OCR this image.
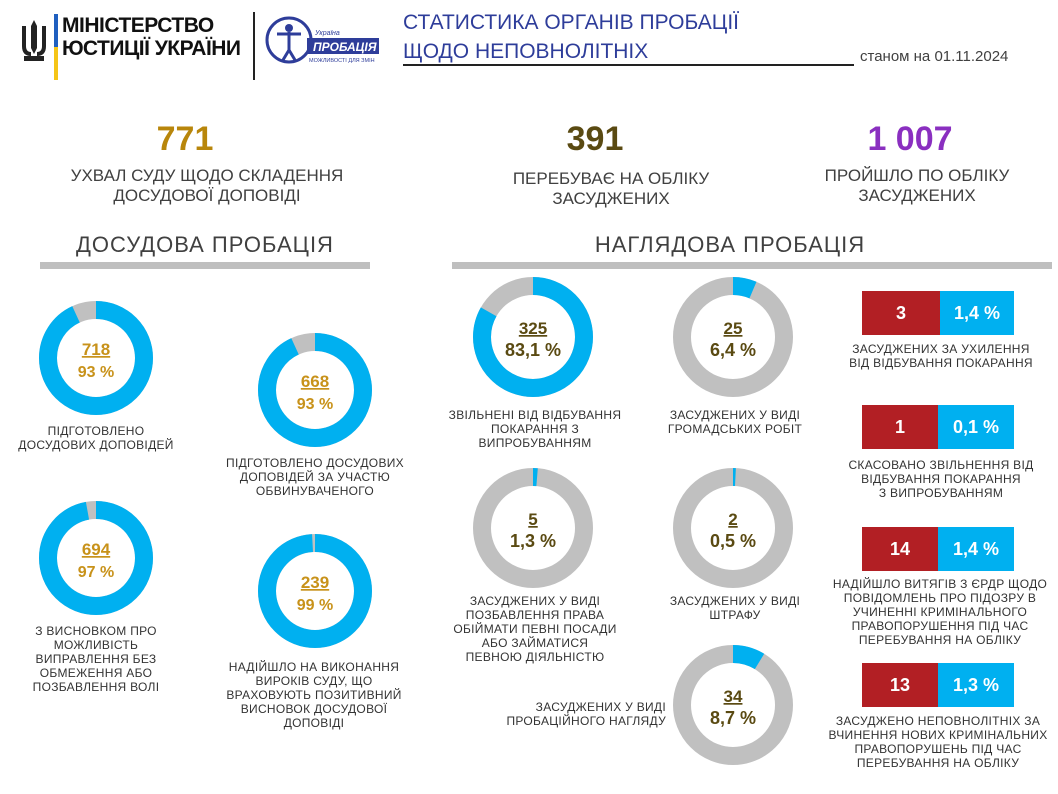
МІНІСТЕРСТВО
ЮСТИЦІЇ УКРАЇНИ
Україна
ПРОБАЦІЯ
МОЖЛИВОСТІ ДЛЯ ЗМІН
СТАТИСТИКА ОРГАНІВ ПРОБАЦІЇ
ЩОДО НЕПОВНОЛІТНІХ	станом на 01.11.2024
771
УХВАЛ СУДУ ЩОДО СКЛАДЕННЯ
ДОСУДОВОЇ ДОПОВІДІ
391
ПЕРЕБУВАЄ НА ОБЛІКУ
ЗАСУДЖЕНИХ
1 007
ПРОЙШЛО ПО ОБЛІКУ
ЗАСУДЖЕНИХ
ДОСУДОВА ПРОБАЦІЯ	НАГЛЯДОВА ПРОБАЦІЯ
718
93 %	668
93 %
694
97 %
239
99 %
325
83,1 %
25
6,4 %
5
1,3 %
2
0,5 %
34
8,7 %
ПІДГОТОВЛЕНО
ДОСУДОВИХ ДОПОВІДЕЙ
ПІДГОТОВЛЕНО ДОСУДОВИХ
ДОПОВІДЕЙ ЗА УЧАСТЮ
ОБВИНУВАЧЕНОГО
З ВИСНОВКОМ ПРО
МОЖЛИВІСТЬ
ВИПРАВЛЕННЯ БЕЗ
ОБМЕЖЕННЯ АБО
ПОЗБАВЛЕННЯ ВОЛІ
НАДІЙШЛО НА ВИКОНАННЯ
ВИРОКІВ СУДУ, ЩО
ВРАХОВУЮТЬ ПОЗИТИВНИЙ
ВИСНОВОК ДОСУДОВОЇ
ДОПОВІДІ
ЗВІЛЬНЕНІ ВІД ВІДБУВАННЯ
ПОКАРАННЯ З
ВИПРОБУВАННЯМ
ЗАСУДЖЕНИХ У ВИДІ
ГРОМАДСЬКИХ РОБІТ
ЗАСУДЖЕНИХ У ВИДІ
ПОЗБАВЛЕННЯ ПРАВА
ОБІЙМАТИ ПЕВНІ ПОСАДИ
АБО ЗАЙМАТИСЯ
ПЕВНОЮ ДІЯЛЬНІСТЮ
ЗАСУДЖЕНИХ У ВИДІ
ШТРАФУ
ЗАСУДЖЕНИХ У ВИДІ
ПРОБАЦІЙНОГО НАГЛЯДУ
3	1,4 %
ЗАСУДЖЕНИХ ЗА УХИЛЕННЯ
ВІД ВІДБУВАННЯ ПОКАРАННЯ
1	0,1 %
СКАСОВАНО ЗВІЛЬНЕННЯ ВІД
ВІДБУВАННЯ ПОКАРАННЯ
З ВИПРОБУВАННЯМ
14	1,4 %
НАДІЙШЛО ВИТЯГІВ З ЄРДР ЩОДО
ПОВІДОМЛЕНЬ ПРО ПІДОЗРУ В
УЧИНЕННІ КРИМІНАЛЬНОГО
ПРАВОПОРУШЕННЯ ПІД ЧАС
ПЕРЕБУВАННЯ НА ОБЛІКУ
13	1,3 %
ЗАСУДЖЕНО НЕПОВНОЛІТНІХ ЗА
ВЧИНЕННЯ НОВИХ КРИМІНАЛЬНИХ
ПРАВОПОРУШЕНЬ ПІД ЧАС
ПЕРЕБУВАННЯ НА ОБЛІКУ
